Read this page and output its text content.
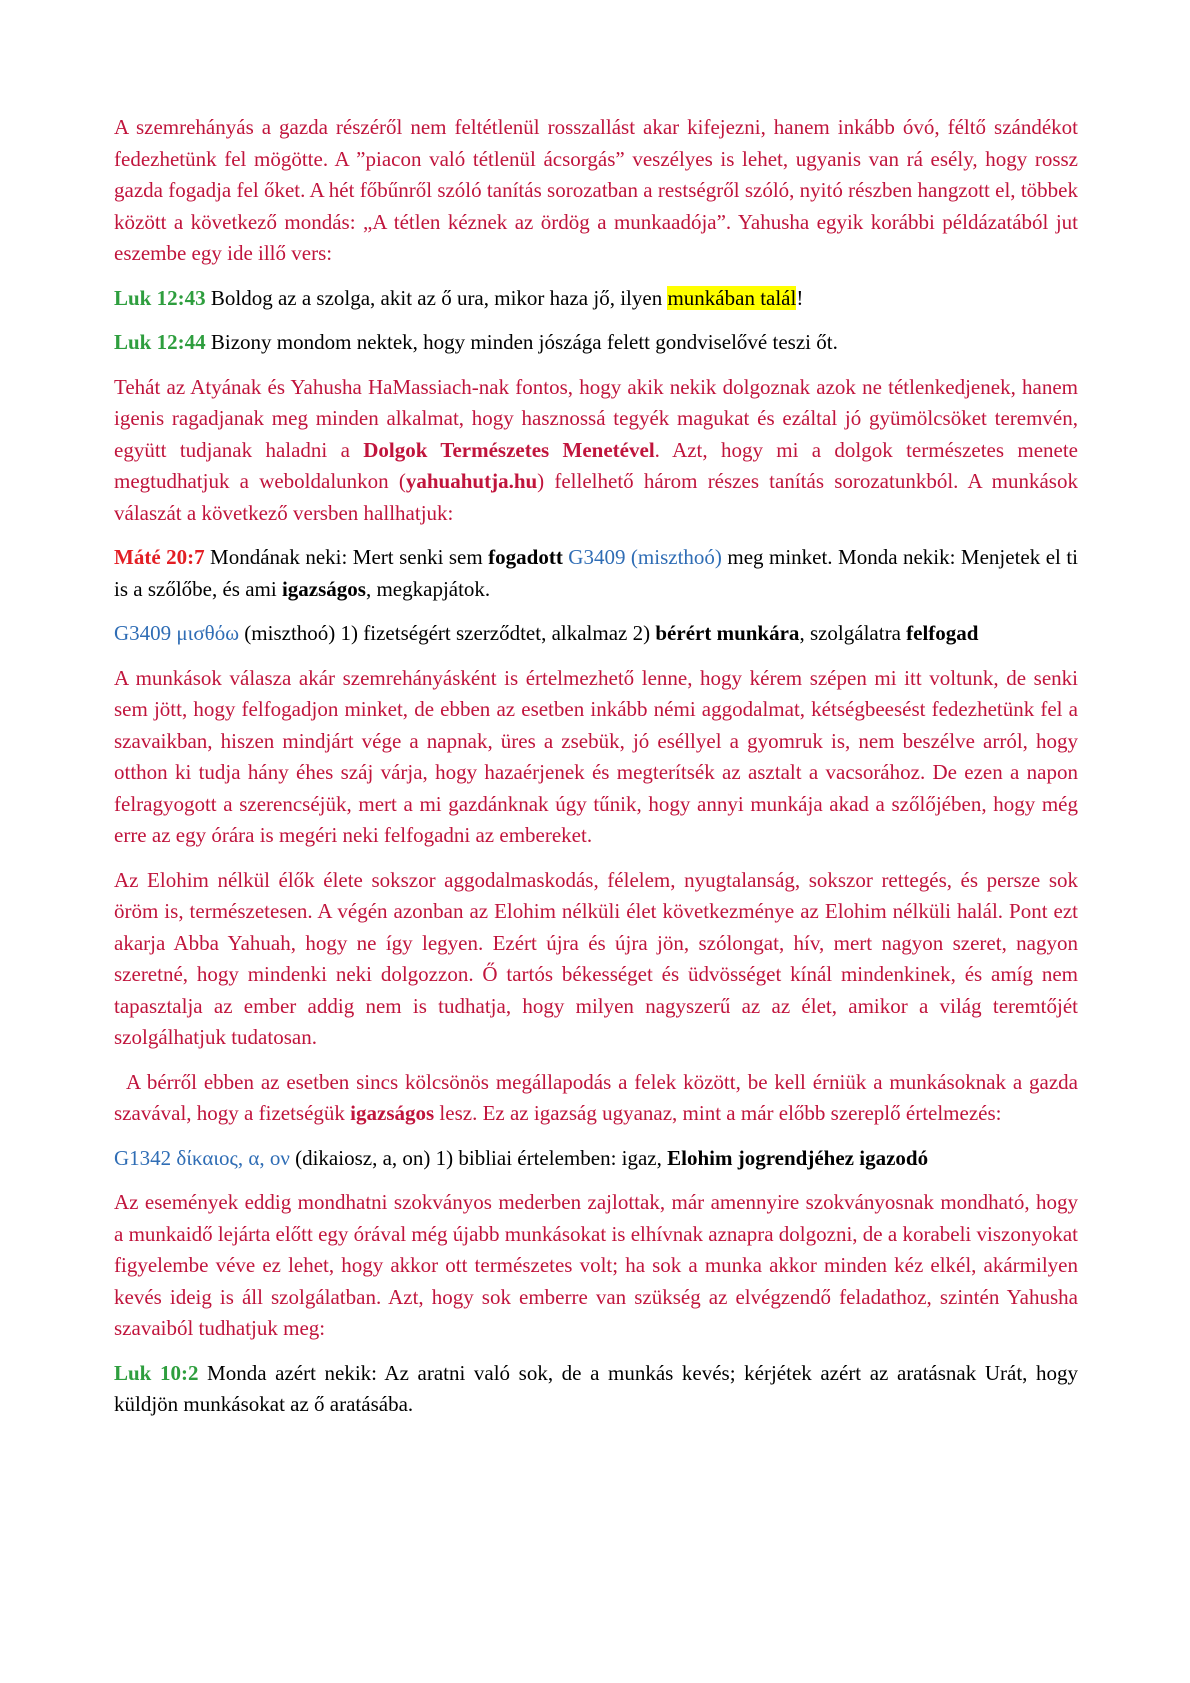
A szemrehányás a gazda részéről nem feltétlenül rosszallást akar kifejezni, hanem inkább óvó, féltő szándékot fedezhetünk fel mögötte. A ”piacon való tétlenül ácsorgás” veszélyes is lehet, ugyanis van rá esély, hogy rossz gazda fogadja fel őket. A hét főbűnről szóló tanítás sorozatban a restségről szóló, nyitó részben hangzott el, többek között a következő mondás: „A tétlen kéznek az ördög a munkaadója”. Yahusha egyik korábbi példázatából jut eszembe egy ide illő vers:

Luk 12:43 Boldog az a szolga, akit az ő ura, mikor haza jő, ilyen munkában talál!

Luk 12:44 Bizony mondom nektek, hogy minden jószága felett gondviselővé teszi őt.

Tehát az Atyának és Yahusha HaMassiach-nak fontos, hogy akik nekik dolgoznak azok ne tétlenkedjenek, hanem igenis ragadjanak meg minden alkalmat, hogy hasznossá tegyék magukat és ezáltal jó gyümölcsöket teremvén, együtt tudjanak haladni a Dolgok Természetes Menetével. Azt, hogy mi a dolgok természetes menete megtudhatjuk a weboldalunkon (yahuahutja.hu) fellelhető három részes tanítás sorozatunkból. A munkások válaszát a következő versben hallhatjuk:

Máté 20:7 Mondának neki: Mert senki sem fogadott G3409 (miszthoó) meg minket. Monda nekik: Menjetek el ti is a szőlőbe, és ami igazságos, megkapjátok.

G3409 μισθόω (miszthoó) 1) fizetségért szerződtet, alkalmaz 2) bérért munkára, szolgálatra felfogad

A munkások válasza akár szemrehányásként is értelmezhető lenne, hogy kérem szépen mi itt voltunk, de senki sem jött, hogy felfogadjon minket, de ebben az esetben inkább némi aggodalmat, kétségbeesést fedezhetünk fel a szavaikban, hiszen mindjárt vége a napnak, üres a zsebük, jó eséllyel a gyomruk is, nem beszélve arról, hogy otthon ki tudja hány éhes száj várja, hogy hazaérjenek és megterítsék az asztalt a vacsorához. De ezen a napon felragyogott a szerencséjük, mert a mi gazdánknak úgy tűnik, hogy annyi munkája akad a szőlőjében, hogy még erre az egy órára is megéri neki felfogadni az embereket.

Az Elohim nélkül élők élete sokszor aggodalmaskodás, félelem, nyugtalanság, sokszor rettegés, és persze sok öröm is, természetesen. A végén azonban az Elohim nélküli élet következménye az Elohim nélküli halál. Pont ezt akarja Abba Yahuah, hogy ne így legyen. Ezért újra és újra jön, szólongat, hív, mert nagyon szeret, nagyon szeretné, hogy mindenki neki dolgozzon. Ő tartós békességet és üdvösséget kínál mindenkinek, és amíg nem tapasztalja az ember addig nem is tudhatja, hogy milyen nagyszerű az az élet, amikor a világ teremtőjét szolgálhatjuk tudatosan.

A bérről ebben az esetben sincs kölcsönös megállapodás a felek között, be kell érniük a munkásoknak a gazda szavával, hogy a fizetségük igazságos lesz. Ez az igazság ugyanaz, mint a már előbb szereplő értelmezés:

G1342 δίκαιος, α, ον (dikaiosz, a, on) 1) bibliai értelemben: igaz, Elohim jogrendjéhez igazodó

Az események eddig mondhatni szokványos mederben zajlottak, már amennyire szokványosnak mondható, hogy a munkaidő lejárta előtt egy órával még újabb munkásokat is elhívnak aznapra dolgozni, de a korabeli viszonyokat figyelembe véve ez lehet, hogy akkor ott természetes volt; ha sok a munka akkor minden kéz elkél, akármilyen kevés ideig is áll szolgálatban. Azt, hogy sok emberre van szükség az elvégzendő feladathoz, szintén Yahusha szavaiból tudhatjuk meg:

Luk 10:2 Monda azért nekik: Az aratni való sok, de a munkás kevés; kérjétek azért az aratásnak Urát, hogy küldjön munkásokat az ő aratásába.
